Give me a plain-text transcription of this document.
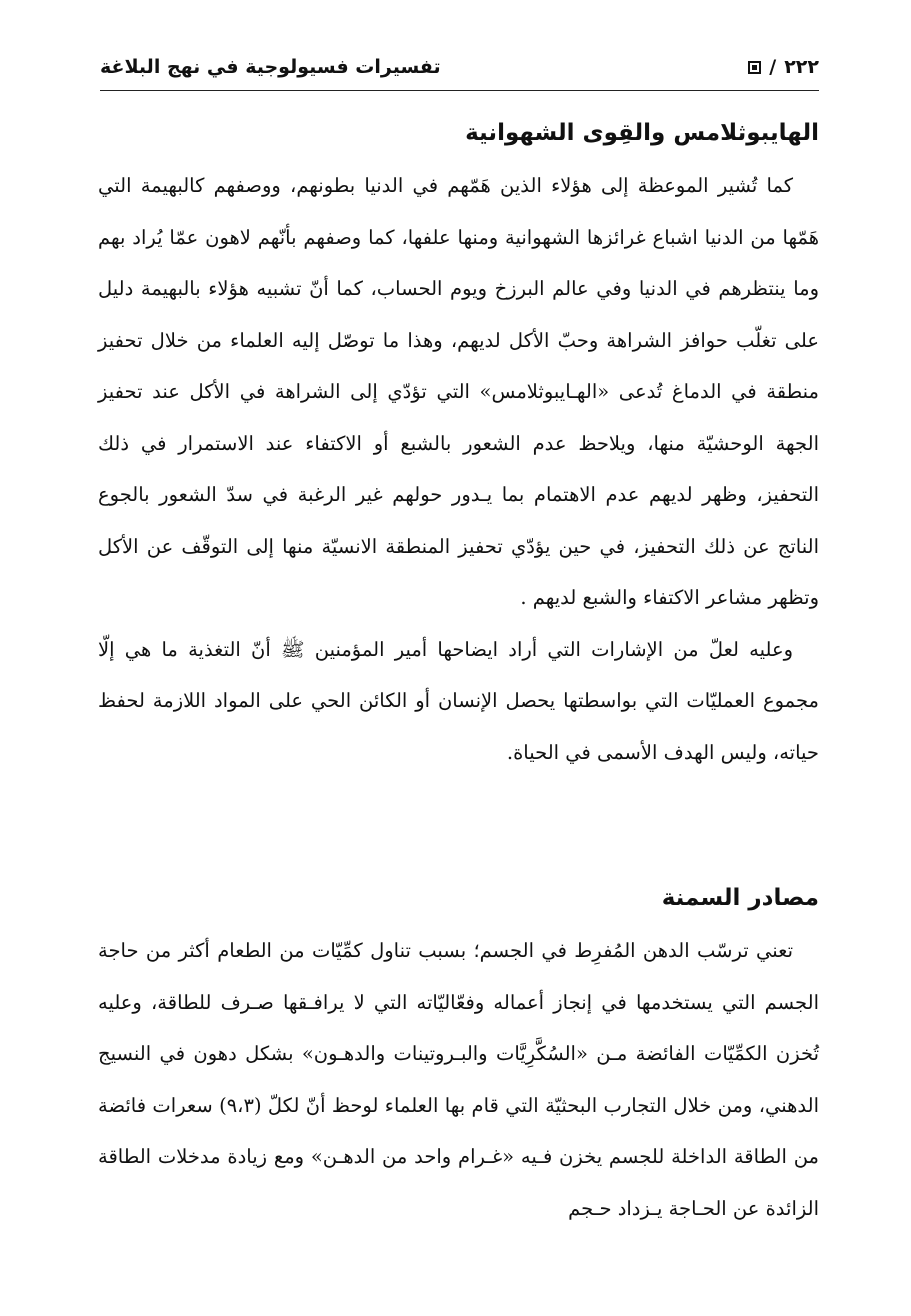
٢٢٢
/
تفسيرات فسيولوجية في نهج البلاغة
الهايبوثلامس والقِوى الشهوانية

كما تُشير الموعظة إلى هؤلاء الذين هَمّهم في الدنيا بطونهم، ووصفهم كالبهيمة التي هَمّها من الدنيا اشباع غرائزها الشهوانية ومنها علفها، كما وصفهم بأنّهم لاهون عمّا يُراد بهم وما ينتظرهم في الدنيا وفي عالم البرزخ ويوم الحساب، كما أنّ تشبيه هؤلاء بالبهيمة دليل على تغلّب حوافز الشراهة وحبّ الأكل لديهم، وهذا ما توصّل إليه العلماء من خلال تحفيز منطقة في الدماغ تُدعى «الهـايبوثلامس» التي تؤدّي إلى الشراهة في الأكل عند تحفيز الجهة الوحشيّة منها، ويلاحظ عدم الشعور بالشبع أو الاكتفاء عند الاستمرار في ذلك التحفيز، وظهر لديهم عدم الاهتمام بما يـدور حولهم غير الرغبة في سدّ الشعور بالجوع الناتج عن ذلك التحفيز، في حين يؤدّي تحفيز المنطقة الانسيّة منها إلى التوقّف عن الأكل وتظهر مشاعر الاكتفاء والشبع لديهم .

وعليه لعلّ من الإشارات التي أراد ايضاحها أمير المؤمنين ﷺ أنّ التغذية ما هي إلّا مجموع العمليّات التي بواسطتها يحصل الإنسان أو الكائن الحي على المواد اللازمة لحفظ حياته، وليس الهدف الأسمى في الحياة.

مصادر السمنة

تعني ترسّب الدهن المُفرِط في الجسم؛ بسبب تناول كمِّيّات من الطعام أكثر من حاجة الجسم التي يستخدمها في إنجاز أعماله وفعّاليّاته التي لا يرافـقها صـرف للطاقة، وعليه تُخزن الكمِّيّات الفائضة مـن «السُكَّرِيَّات والبـروتينات والدهـون» بشكل دهون في النسيج الدهني، ومن خلال التجارب البحثيّة التي قام بها العلماء لوحظ أنّ لكلّ (٩،٣) سعرات فائضة من الطاقة الداخلة للجسم يخزن فـيه «غـرام واحد من الدهـن» ومع زيادة مدخلات الطاقة الزائدة عن الحـاجة يـزداد حـجم
